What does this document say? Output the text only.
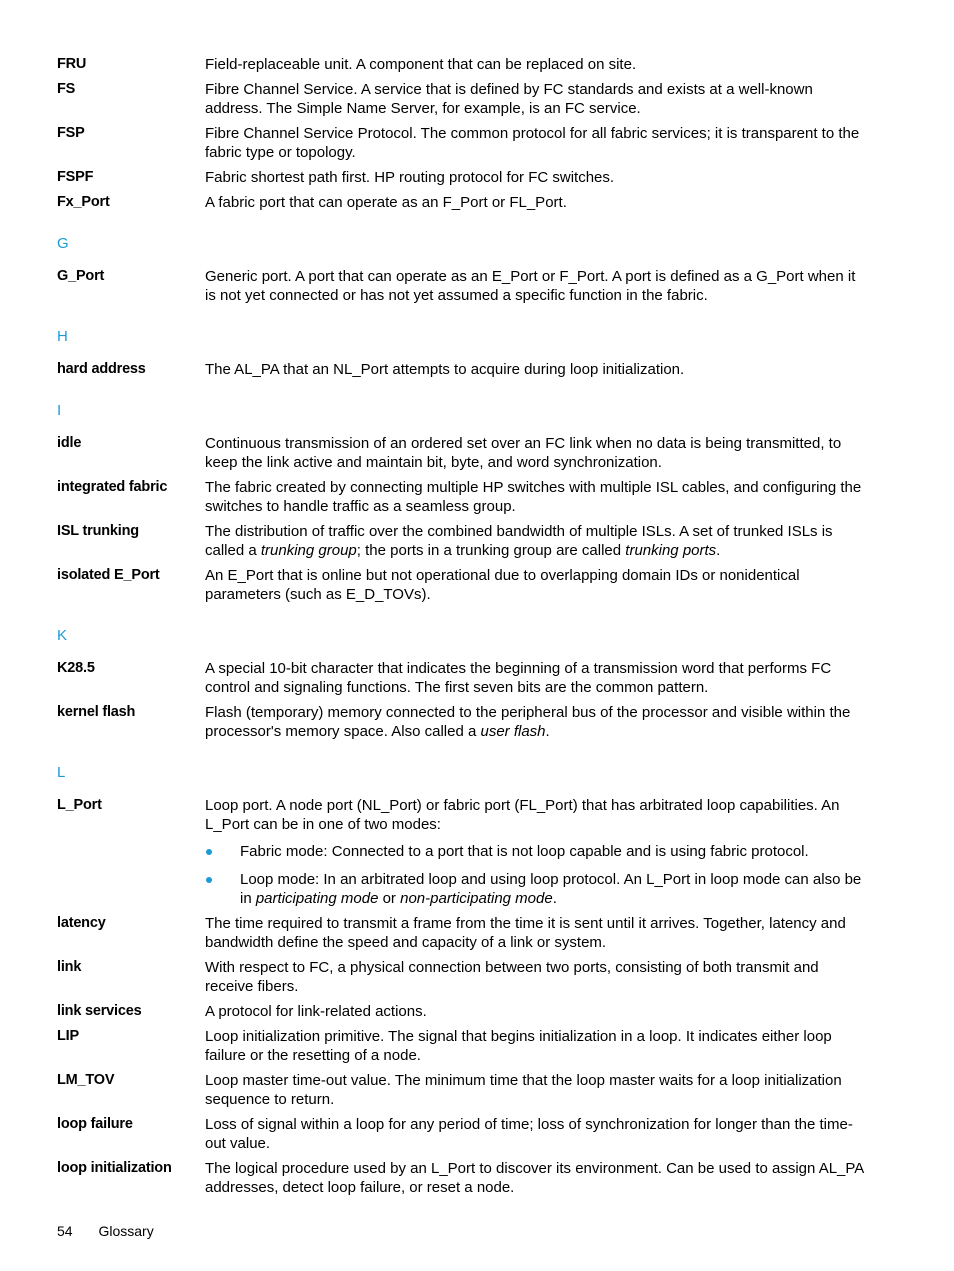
FRU	Field-replaceable unit. A component that can be replaced on site.

FS	Fibre Channel Service. A service that is defined by FC standards and exists at a well-known address. The Simple Name Server, for example, is an FC service.

FSP	Fibre Channel Service Protocol. The common protocol for all fabric services; it is transparent to the fabric type or topology.

FSPF	Fabric shortest path first. HP routing protocol for FC switches.

Fx_Port	A fabric port that can operate as an F_Port or FL_Port.

G
G_Port	Generic port. A port that can operate as an E_Port or F_Port. A port is defined as a G_Port when it is not yet connected or has not yet assumed a specific function in the fabric.

H
hard address	The AL_PA that an NL_Port attempts to acquire during loop initialization.

I
idle	Continuous transmission of an ordered set over an FC link when no data is being transmitted, to keep the link active and maintain bit, byte, and word synchronization.

integrated fabric	The fabric created by connecting multiple HP switches with multiple ISL cables, and configuring the switches to handle traffic as a seamless group.

ISL trunking	The distribution of traffic over the combined bandwidth of multiple ISLs. A set of trunked ISLs is called a trunking group; the ports in a trunking group are called trunking ports.

isolated E_Port	An E_Port that is online but not operational due to overlapping domain IDs or nonidentical parameters (such as E_D_TOVs).

K
K28.5	A special 10-bit character that indicates the beginning of a transmission word that performs FC control and signaling functions. The first seven bits are the common pattern.

kernel flash	Flash (temporary) memory connected to the peripheral bus of the processor and visible within the processor's memory space. Also called a user flash.

L
L_Port	Loop port. A node port (NL_Port) or fabric port (FL_Port) that has arbitrated loop capabilities. An L_Port can be in one of two modes:

Fabric mode: Connected to a port that is not loop capable and is using fabric protocol.
Loop mode: In an arbitrated loop and using loop protocol. An L_Port in loop mode can also be in participating mode or non-participating mode.
latency	The time required to transmit a frame from the time it is sent until it arrives. Together, latency and bandwidth define the speed and capacity of a link or system.

link	With respect to FC, a physical connection between two ports, consisting of both transmit and receive fibers.

link services	A protocol for link-related actions.

LIP	Loop initialization primitive. The signal that begins initialization in a loop. It indicates either loop failure or the resetting of a node.

LM_TOV	Loop master time-out value. The minimum time that the loop master waits for a loop initialization sequence to return.

loop failure	Loss of signal within a loop for any period of time; loss of synchronization for longer than the time-out value.

loop initialization	The logical procedure used by an L_Port to discover its environment. Can be used to assign AL_PA addresses, detect loop failure, or reset a node.

54 Glossary
